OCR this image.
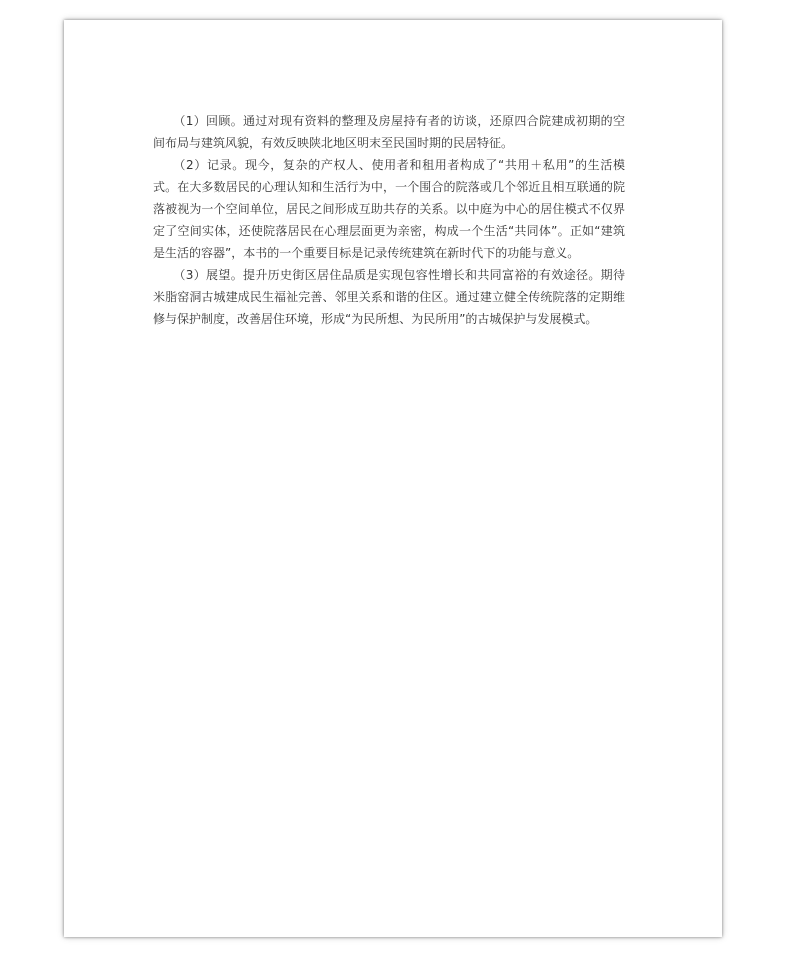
（1）回顾。通过对现有资料的整理及房屋持有者的访谈，还原四合院建成初期的空间布局与建筑风貌，有效反映陕北地区明末至民国时期的民居特征。

（2）记录。现今，复杂的产权人、使用者和租用者构成了“共用＋私用”的生活模式。在大多数居民的心理认知和生活行为中，一个围合的院落或几个邻近且相互联通的院落被视为一个空间单位，居民之间形成互助共存的关系。以中庭为中心的居住模式不仅界定了空间实体，还使院落居民在心理层面更为亲密，构成一个生活“共同体”。正如“建筑是生活的容器”，本书的一个重要目标是记录传统建筑在新时代下的功能与意义。

（3）展望。提升历史街区居住品质是实现包容性增长和共同富裕的有效途径。期待米脂窑洞古城建成民生福祉完善、邻里关系和谐的住区。通过建立健全传统院落的定期维修与保护制度，改善居住环境，形成“为民所想、为民所用”的古城保护与发展模式。
